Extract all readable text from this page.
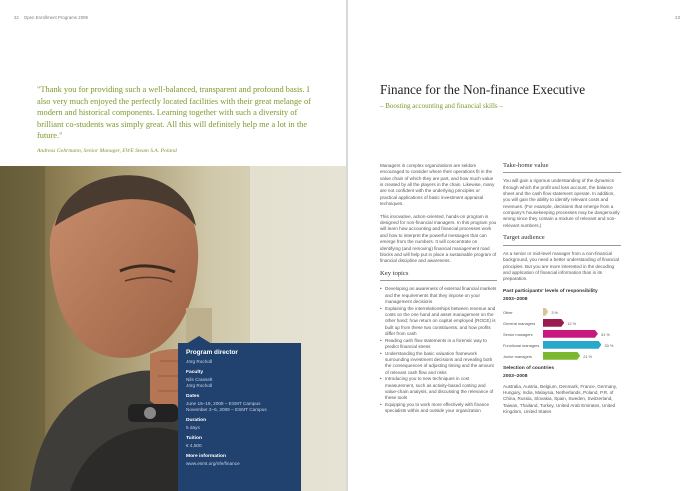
22 Open Enrollment Programs 2009
"Thank you for providing such a well-balanced, transparent and profound basis. I also very much enjoyed the perfectly located facilities with their great melange of modern and historical components. Learning together with such a diversity of brilliant co-students was simply great. All this will definitely help me a lot in the future."
Andreas Gehrmann, Senior Manager, EWE Steam S.A. Poland
Program director
Jörg Rocholl
Faculty
Nils Crasselt
Jörg Rocholl
Dates
June 15–19, 2009 – ESMT Campus
November 2–6, 2009 – ESMT Campus
Duration
5 days
Tuition
€ 4,500
More information
www.esmt.org/nfe/finance
23
Finance for the Non-finance Executive
– Boosting accounting and financial skills –

Managers in complex organizations are seldom encouraged to consider where their operations fit in the value chain of which they are part, and how much value is created by all the players in the chain. Likewise, many are not confident with the underlying principles or practical applications of basic investment appraisal techniques.

This innovative, action-oriented, hands-on program is designed for non-financial managers. In this program you will learn how accounting and financial processes work and how to interpret the powerful messages that can emerge from the numbers. It will concentrate on identifying (and removing) financial management road blocks and will help put in place a sustainable program of financial discipline and awareness.

Key topics
• Developing an awareness of external financial markets and the requirements that they impose on your management decisions
• Explaining the interrelationships between revenue and costs on the one hand and asset management on the other hand; how return on capital employed (ROCE) is built up from these two constituents, and how profits differ from cash
• Reading cash flow statements in a forensic way to predict financial stress
• Understanding the basic valuation framework surrounding investment decisions and revealing both the consequences of adjusting timing and the amount of relevant cash flow and risks
• Introducing you to new techniques in cost measurement, such as activity-based costing and value-chain analysis, and discussing the relevance of these tools
• Equipping you to work more effectively with finance specialists within and outside your organization
Take-home value

You will gain a rigorous understanding of the dynamics through which the profit and loss account, the balance sheet and the cash flow statement operate. In addition, you will gain the ability to identify relevant costs and revenues. (For example, decisions that emerge from a company's housekeeping processes may be dangerously wrong since they contain a mixture of relevant and non-relevant numbers.)

Target audience

As a senior or mid-level manager from a non-financial background, you need a better understanding of financial principles. But you are more interested in the decoding and application of financial information than in its preparation.

Past participants' levels of responsibility
2003–2008
Other	3 %
General managers	12 %
Senior managers	31 %
Functional managers	33 %
Junior managers	21 %
Selection of countries
2003–2008

Australia, Austria, Belgium, Denmark, France, Germany, Hungary, India, Malaysia, Netherlands, Poland, P.R. of China, Russia, Slovakia, Spain, Sweden, Switzerland, Taiwan, Thailand, Turkey, United Arab Emirates, United Kingdom, United States
